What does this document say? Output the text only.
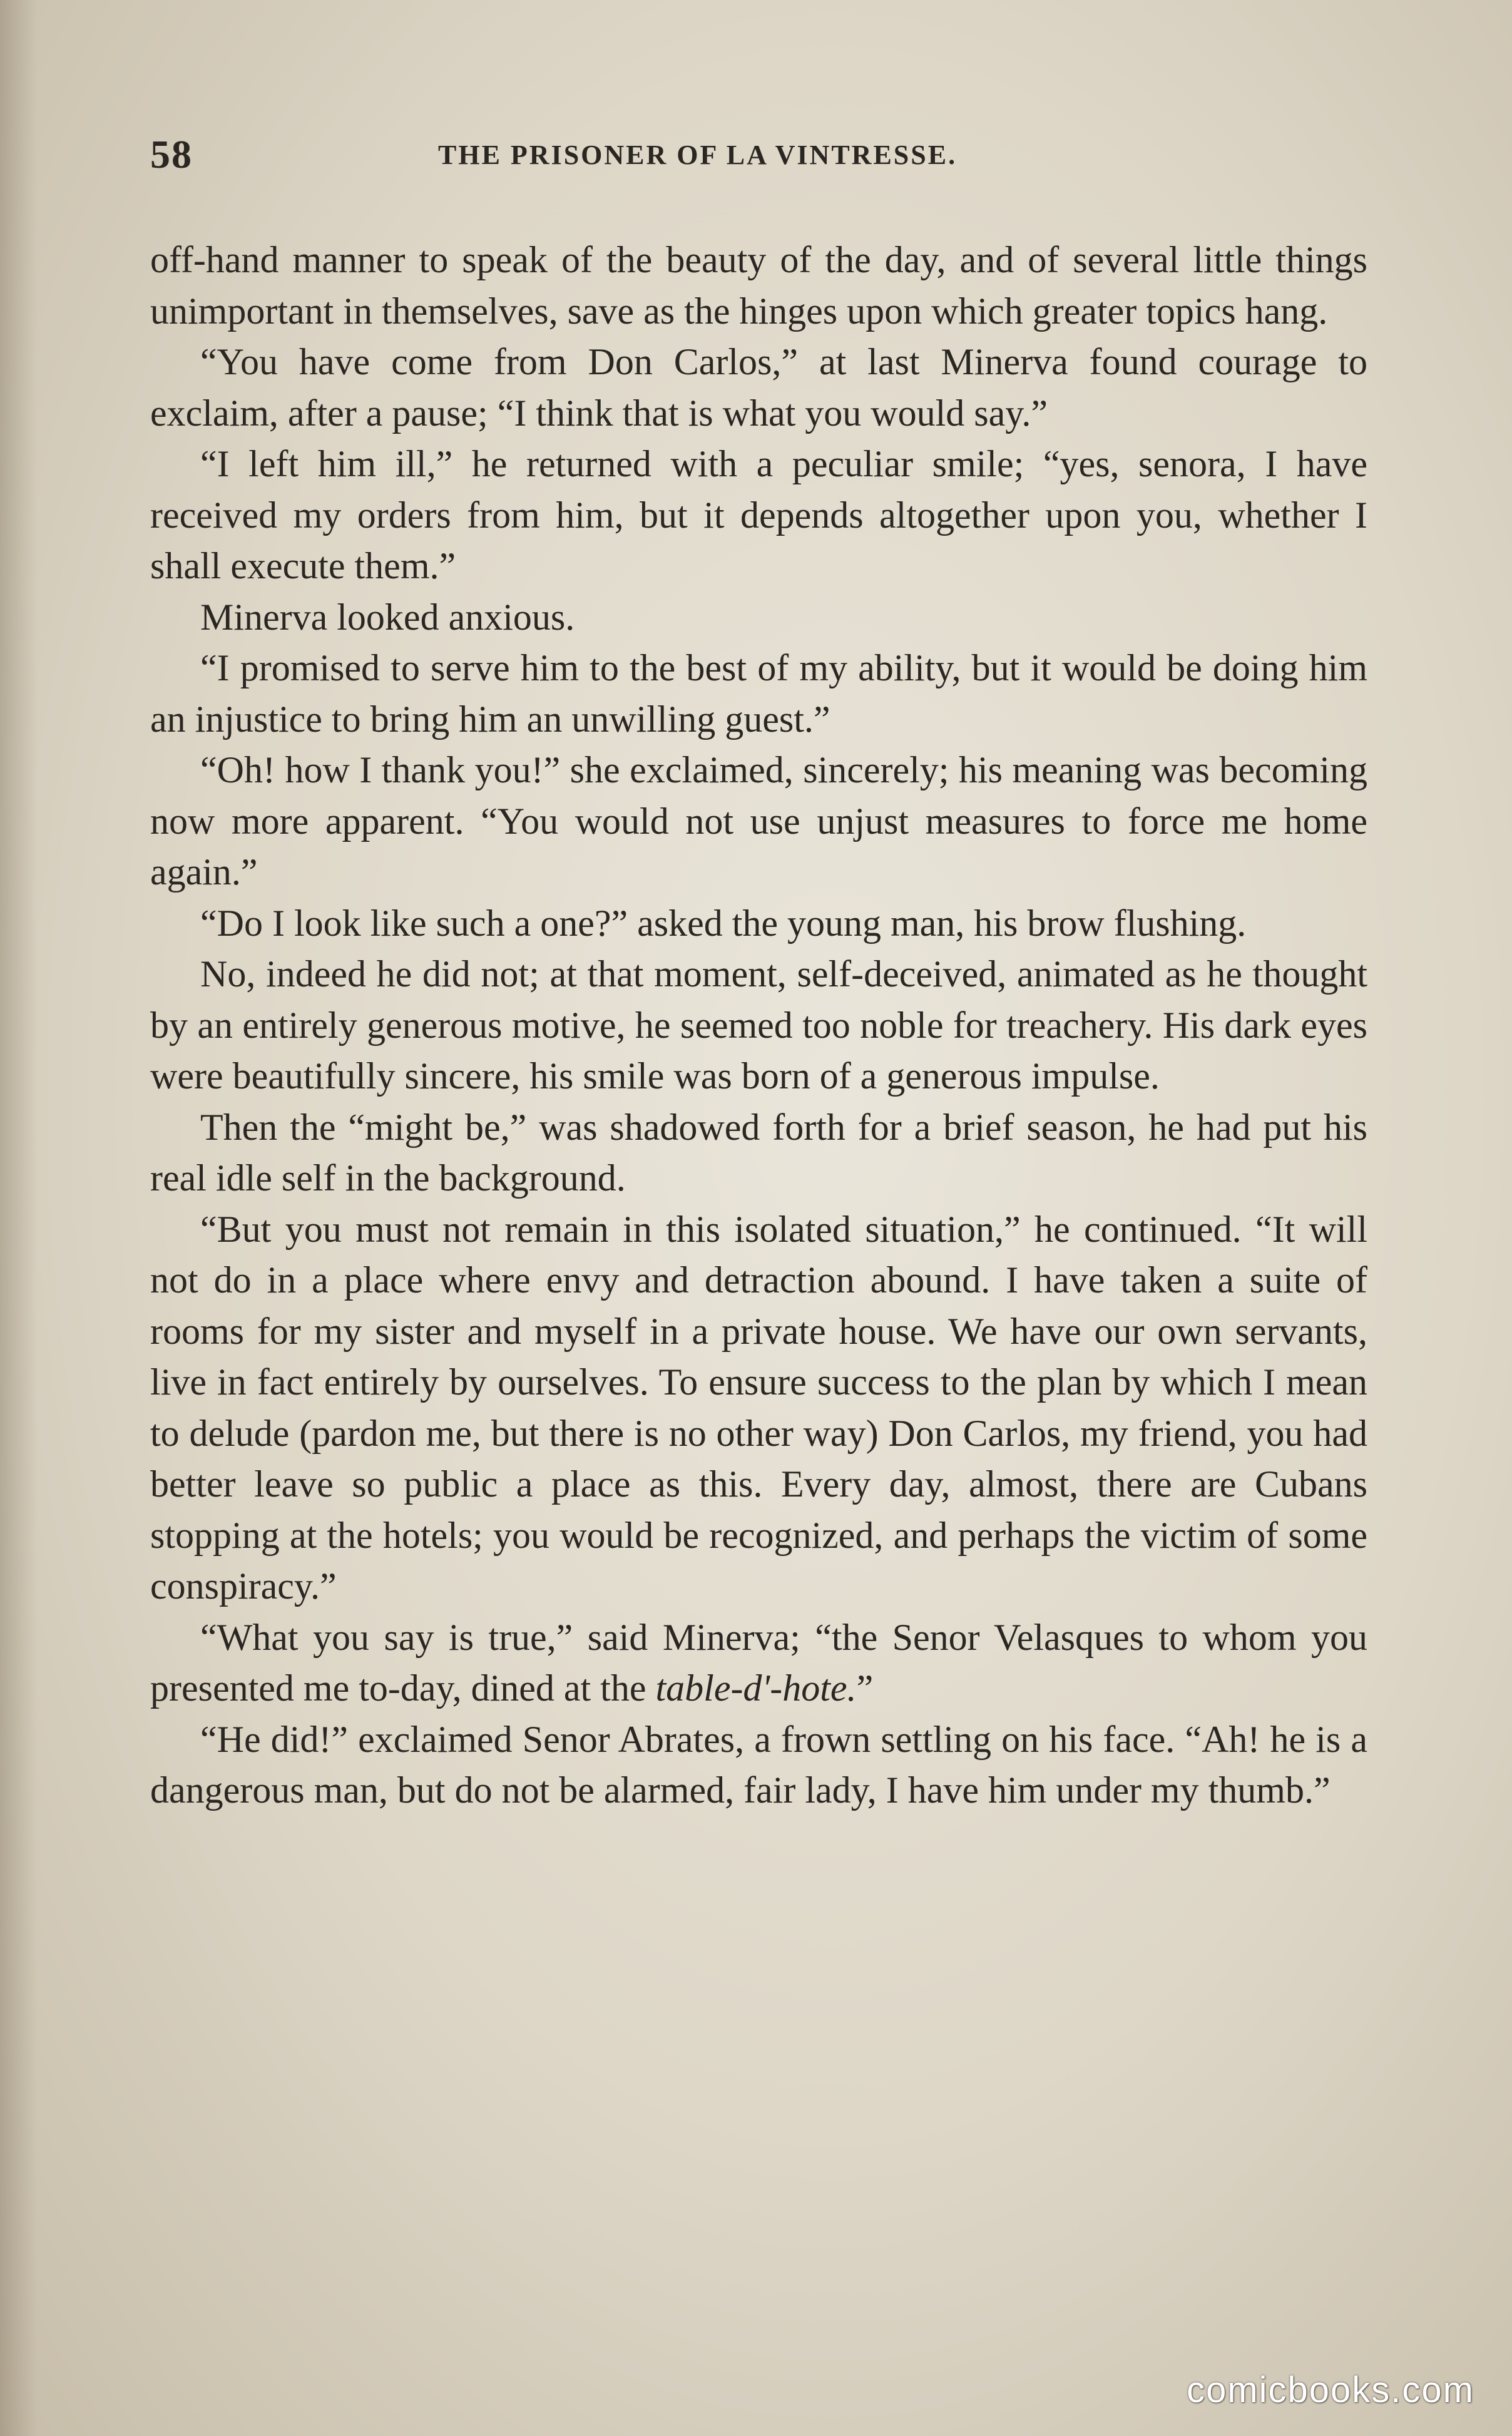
58	THE PRISONER OF LA VINTRESSE.

off-hand manner to speak of the beauty of the day, and of several little things unimportant in themselves, save as the hinges upon which greater topics hang.

“You have come from Don Carlos,” at last Minerva found courage to exclaim, after a pause; “I think that is what you would say.”

“I left him ill,” he returned with a peculiar smile; “yes, senora, I have received my orders from him, but it depends altogether upon you, whether I shall execute them.”

Minerva looked anxious.

“I promised to serve him to the best of my ability, but it would be doing him an injustice to bring him an unwilling guest.”

“Oh! how I thank you!” she exclaimed, sincerely; his meaning was becoming now more apparent. “You would not use unjust measures to force me home again.”

“Do I look like such a one?” asked the young man, his brow flushing.

No, indeed he did not; at that moment, self-deceived, animated as he thought by an entirely generous motive, he seemed too noble for treachery. His dark eyes were beautifully sincere, his smile was born of a generous impulse.

Then the “might be,” was shadowed forth for a brief season, he had put his real idle self in the background.

“But you must not remain in this isolated situation,” he continued. “It will not do in a place where envy and detraction abound. I have taken a suite of rooms for my sister and myself in a private house. We have our own servants, live in fact entirely by ourselves. To ensure success to the plan by which I mean to delude (pardon me, but there is no other way) Don Carlos, my friend, you had better leave so public a place as this. Every day, almost, there are Cubans stopping at the hotels; you would be recognized, and perhaps the victim of some conspiracy.”

“What you say is true,” said Minerva; “the Senor Velasques to whom you presented me to-day, dined at the table-d'-hote.”

“He did!” exclaimed Senor Abrates, a frown settling on his face. “Ah! he is a dangerous man, but do not be alarmed, fair lady, I have him under my thumb.”

comicbooks.com
